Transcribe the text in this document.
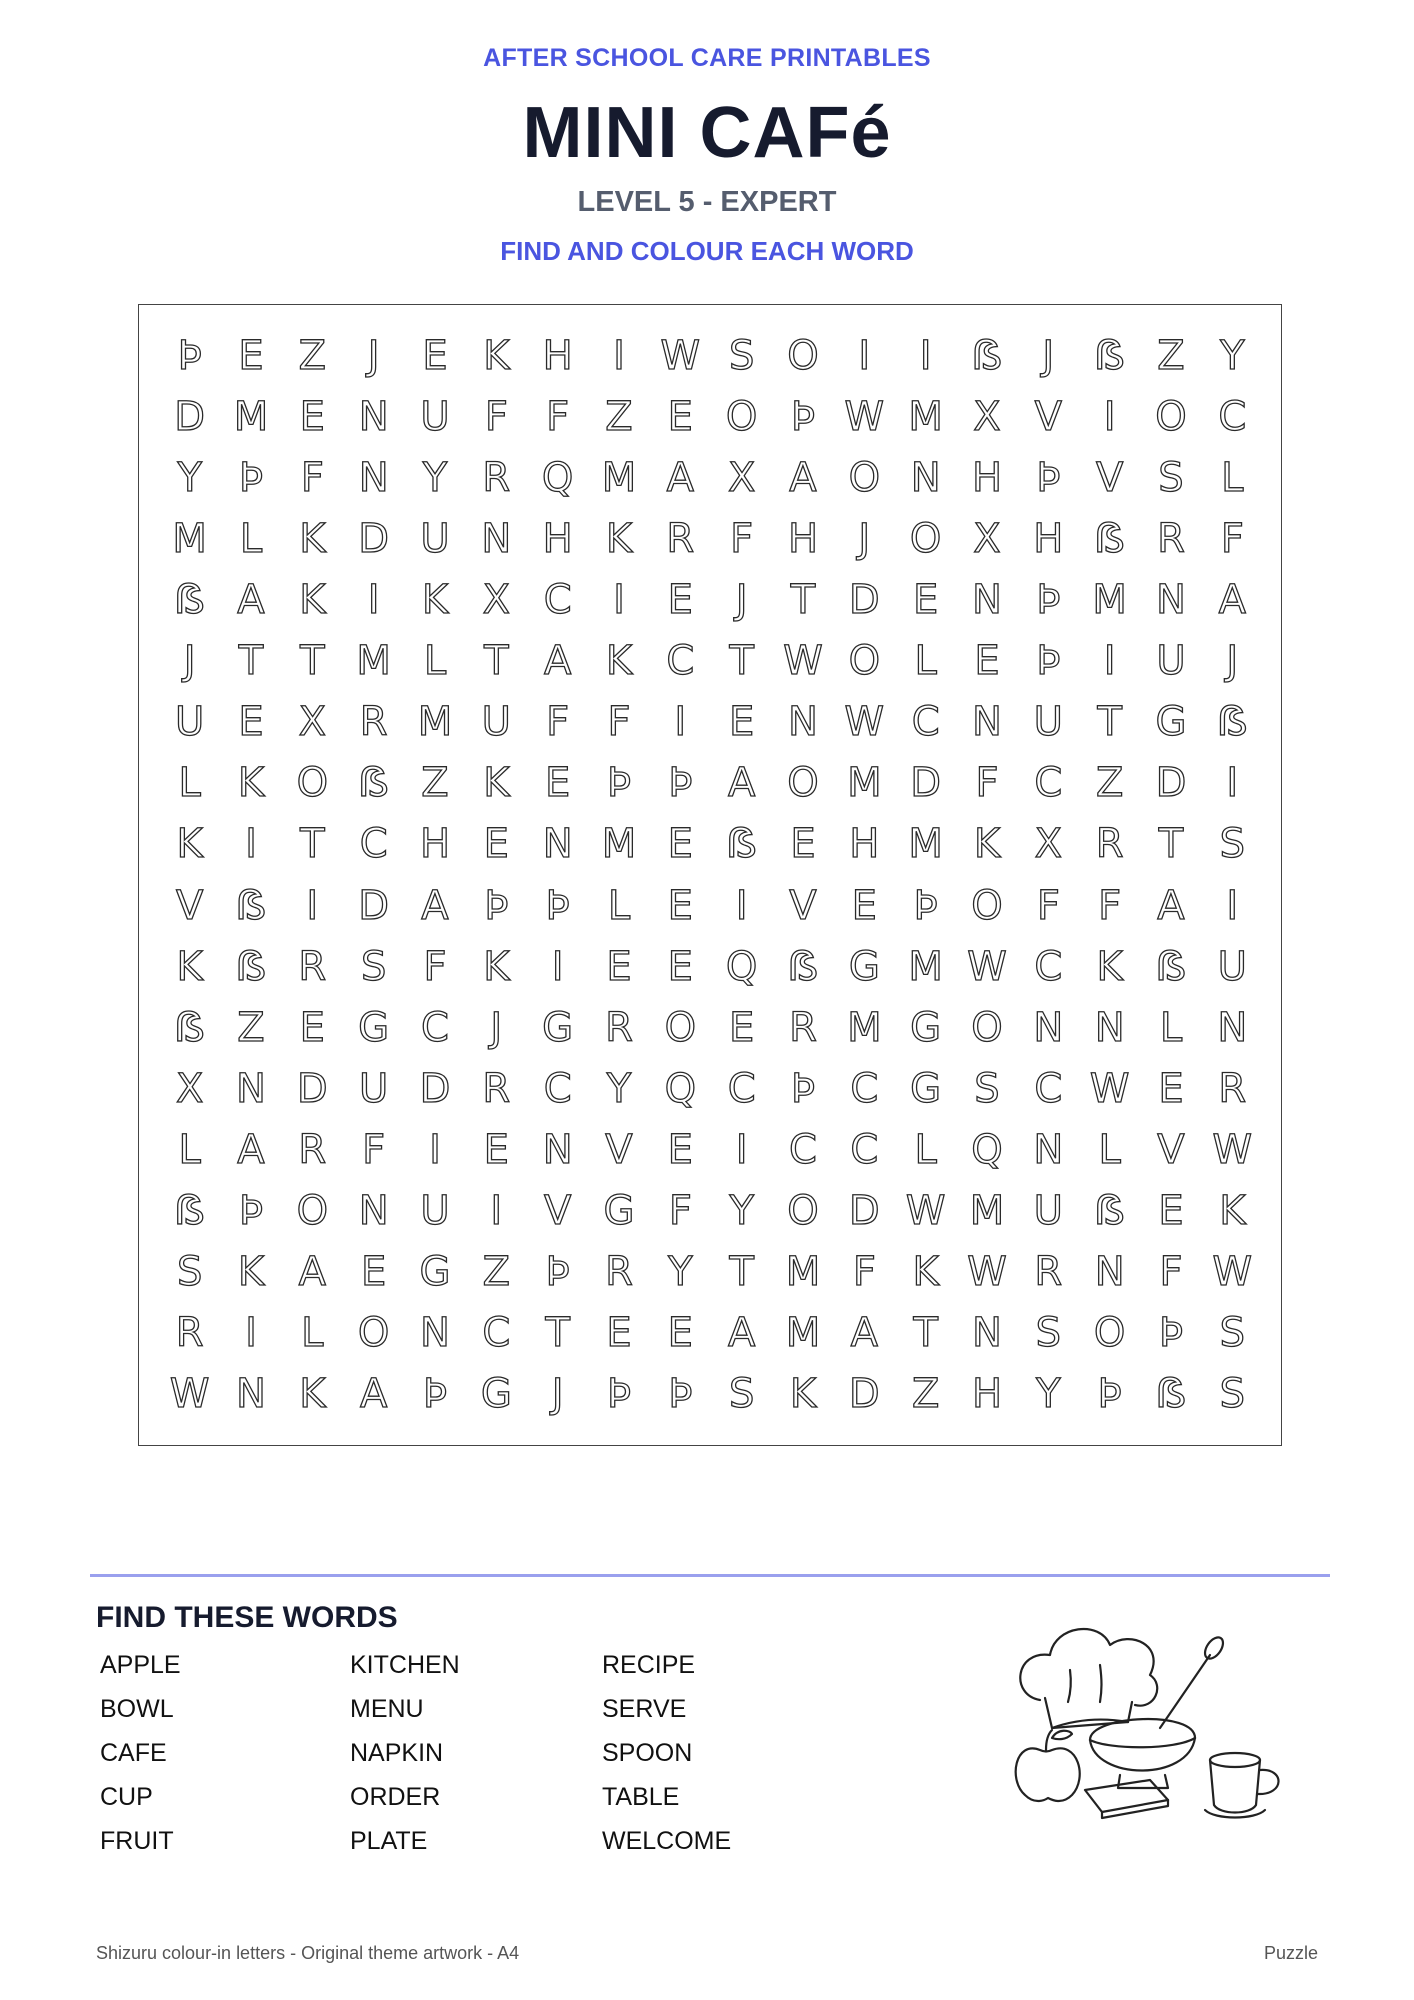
AFTER SCHOOL CARE PRINTABLES
MINI CAFé
LEVEL 5 - EXPERT
FIND AND COLOUR EACH WORD
Þ E Z	J	E K H	I W S O I	I	ẞ	J	ẞ Z Y
D M E N U F F Z E O Þ W M X V	I O C
Y Þ F N Y R Q M A X A O N H Þ V S L
M L K D U N H K R F H	J O X H ẞ R F
ẞ A K	I	K X C	I	E	J	T D E N Þ M N A
J	T T M L T A K C T W O L E Þ	I	U	J
U E X R M U F F	I	E N W C N U T G ẞ
L K O ẞ Z K E Þ Þ A O M D F C Z D	I
K	I	T C H E N M E ẞ E H M K X R T S
V ẞ	I	D A Þ Þ L E	I	V E Þ O F F A	I
K ẞ R S F K	I	E E Q ẞ G M W C K ẞ U
ẞ Z E G C	J G R O E R M G O N N L N
X N D U D R C Y Q C Þ C G S C W E R
L A R F	I	E N V E	I	C C L Q N L V W
ẞ Þ O N U	I	V G F Y O D W M U ẞ E K
S K A E G Z Þ R Y T M F K W R N F W
R	I	L O N C T E E A M A T N S O Þ S
W N K A Þ G J	Þ Þ S K D Z H Y Þ ẞ S
FIND THESE WORDS
APPLE
BOWL
CAFE
CUP
FRUIT
KITCHEN
MENU
NAPKIN
ORDER
PLATE
RECIPE
SERVE
SPOON
TABLE
WELCOME
Shizuru colour-in letters - Original theme artwork - A4	Puzzle
